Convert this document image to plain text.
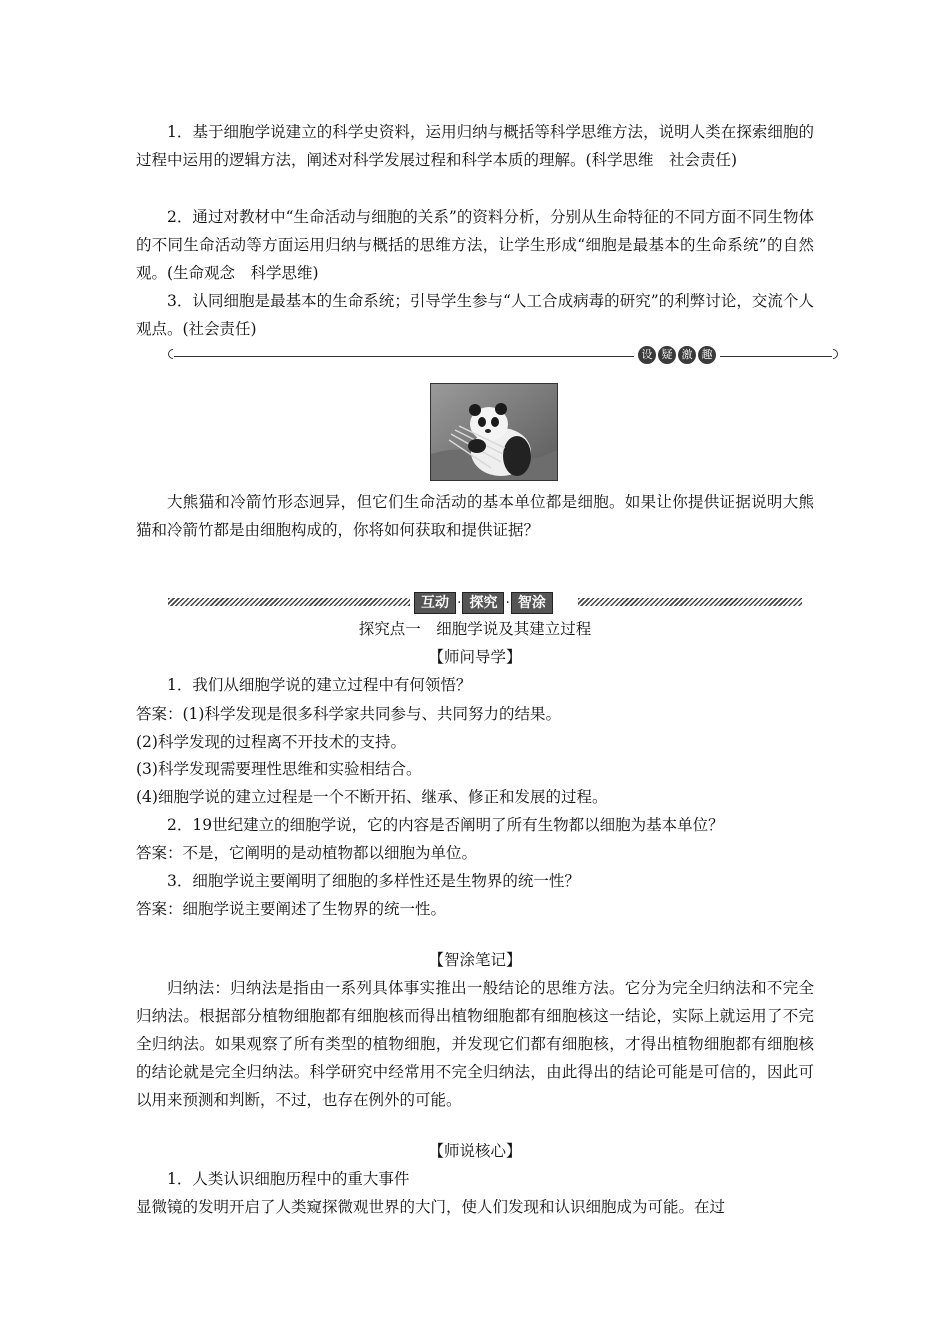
1．基于细胞学说建立的科学史资料，运用归纳与概括等科学思维方法，说明人类在探索细胞的过程中运用的逻辑方法，阐述对科学发展过程和科学本质的理解。(科学思维　社会责任)

2．通过对教材中“生命活动与细胞的关系”的资料分析，分别从生命特征的不同方面不同生物体的不同生命活动等方面运用归纳与概括的思维方法，让学生形成“细胞是最基本的生命系统”的自然观。(生命观念　科学思维)

3．认同细胞是最基本的生命系统；引导学生参与“人工合成病毒的研究”的利弊讨论，交流个人观点。(社会责任)

设 疑 激 趣

大熊猫和冷箭竹形态迥异，但它们生命活动的基本单位都是细胞。如果让你提供证据说明大熊猫和冷箭竹都是由细胞构成的，你将如何获取和提供证据？

互动 · 探究 · 智涂

探究点一　细胞学说及其建立过程

【师问导学】

1．我们从细胞学说的建立过程中有何领悟？

答案：(1)科学发现是很多科学家共同参与、共同努力的结果。

(2)科学发现的过程离不开技术的支持。

(3)科学发现需要理性思维和实验相结合。

(4)细胞学说的建立过程是一个不断开拓、继承、修正和发展的过程。

2．19世纪建立的细胞学说，它的内容是否阐明了所有生物都以细胞为基本单位？

答案：不是，它阐明的是动植物都以细胞为单位。

3．细胞学说主要阐明了细胞的多样性还是生物界的统一性？

答案：细胞学说主要阐述了生物界的统一性。

【智涂笔记】

归纳法：归纳法是指由一系列具体事实推出一般结论的思维方法。它分为完全归纳法和不完全归纳法。根据部分植物细胞都有细胞核而得出植物细胞都有细胞核这一结论，实际上就运用了不完全归纳法。如果观察了所有类型的植物细胞，并发现它们都有细胞核，才得出植物细胞都有细胞核的结论就是完全归纳法。科学研究中经常用不完全归纳法，由此得出的结论可能是可信的，因此可以用来预测和判断，不过，也存在例外的可能。

【师说核心】

1．人类认识细胞历程中的重大事件

显微镜的发明开启了人类窥探微观世界的大门，使人们发现和认识细胞成为可能。在过
